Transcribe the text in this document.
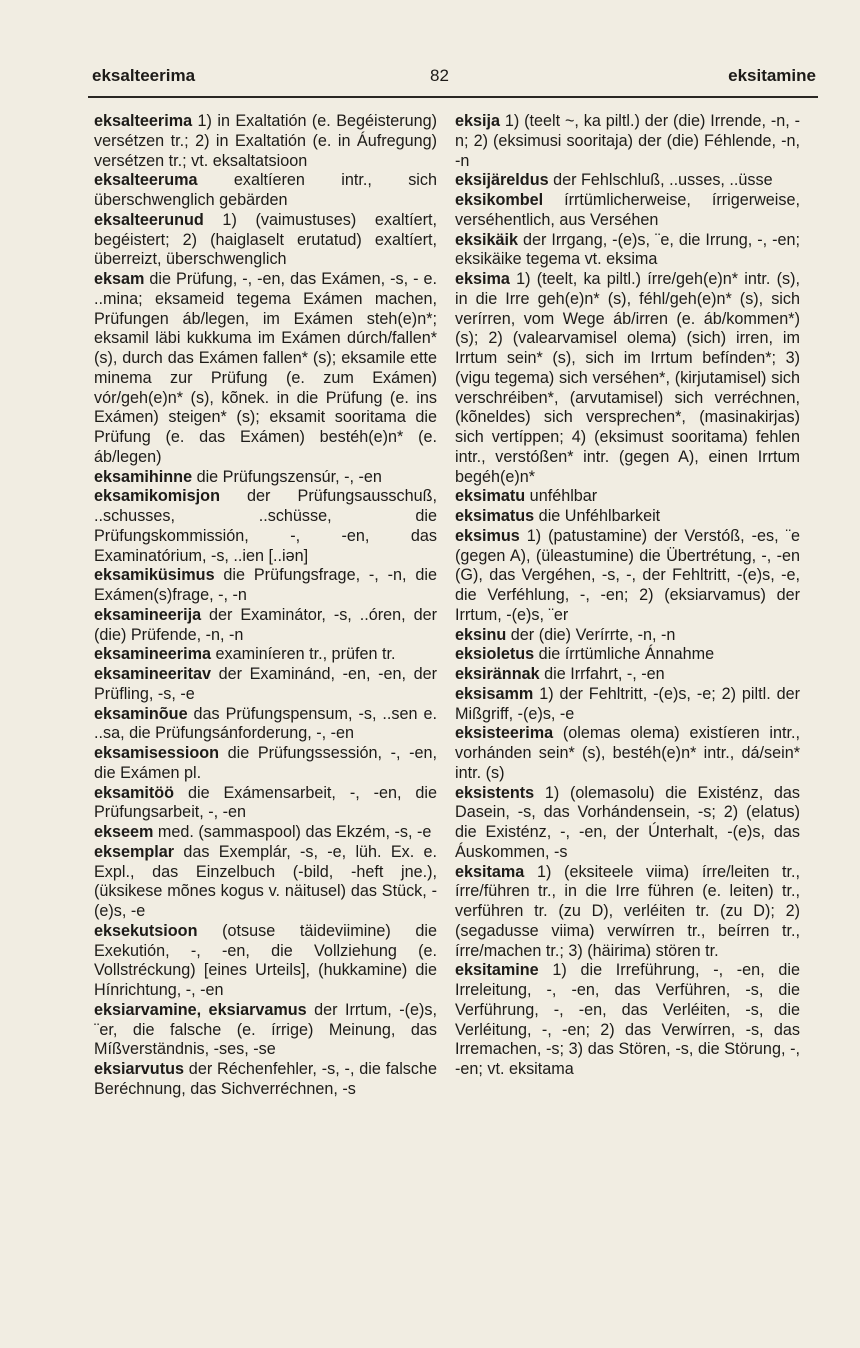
eksalteerima	82	eksitamine

eksalteerima 1) in Exaltatión (e. Begéisterung) versétzen tr.; 2) in Exaltatión (e. in Áufregung) versétzen tr.; vt. eksaltatsioon

eksalteeruma exaltíeren intr., sich überschwenglich gebärden

eksalteerunud 1) (vaimustuses) exaltíert, begéistert; 2) (haiglaselt erutatud) exaltíert, überreizt, überschwenglich

eksam die Prüfung, -, -en, das Exámen, -s, - e. ..mina; eksameid tegema Exámen machen, Prüfungen áb/legen, im Exámen steh(e)n*; eksamil läbi kukkuma im Exámen dúrch/fallen* (s), durch das Exámen fallen* (s); eksamile ette minema zur Prüfung (e. zum Exámen) vór/geh(e)n* (s), kõnek. in die Prüfung (e. ins Exámen) steigen* (s); eksamit sooritama die Prüfung (e. das Exámen) bestéh(e)n* (e. áb/legen)

eksamihinne die Prüfungszensúr, -, -en

eksamikomisjon der Prüfungsausschuß, ..schusses, ..schüsse, die Prüfungskommissión, -, -en, das Examinatórium, -s, ..ien [..iən]

eksamiküsimus die Prüfungsfrage, -, -n, die Exámen(s)frage, -, -n

eksamineerija der Examinátor, -s, ..óren, der (die) Prüfende, -n, -n

eksamineerima examiníeren tr., prüfen tr.

eksamineeritav der Examinánd, -en, -en, der Prüfling, -s, -e

eksaminõue das Prüfungspensum, -s, ..sen e. ..sa, die Prüfungsánforderung, -, -en

eksamisessioon die Prüfungssessión, -, -en, die Exámen pl.

eksamitöö die Exámensarbeit, -, -en, die Prüfungsarbeit, -, -en

ekseem med. (sammaspool) das Ekzém, -s, -e

eksemplar das Exemplár, -s, -e, lüh. Ex. e. Expl., das Einzelbuch (-bild, -heft jne.), (üksikese mõnes kogus v. näitusel) das Stück, -(e)s, -e

eksekutsioon (otsuse täideviimine) die Exekutión, -, -en, die Vollziehung (e. Vollstréckung) [eines Urteils], (hukkamine) die Hínrichtung, -, -en

eksiarvamine, eksiarvamus der Irrtum, -(e)s, ¨er, die falsche (e. írrige) Meinung, das Míßverständnis, -ses, -se

eksiarvutus der Réchenfehler, -s, -, die falsche Beréchnung, das Sichverréchnen, -s

eksija 1) (teelt ~, ka piltl.) der (die) Irrende, -n, -n; 2) (eksimusi sooritaja) der (die) Féhlende, -n, -n

eksijäreldus der Fehlschluß, ..usses, ..üsse

eksikombel írrtümlicherweise, írrigerweise, verséhentlich, aus Verséhen

eksikäik der Irrgang, -(e)s, ¨e, die Irrung, -, -en; eksikäike tegema vt. eksima

eksima 1) (teelt, ka piltl.) írre/geh(e)n* intr. (s), in die Irre geh(e)n* (s), féhl/geh(e)n* (s), sich verírren, vom Wege áb/irren (e. áb/kommen*) (s); 2) (valearvamisel olema) (sich) irren, im Irrtum sein* (s), sich im Irrtum befínden*; 3) (vigu tegema) sich verséhen*, (kirjutamisel) sich verschréiben*, (arvutamisel) sich verréchnen, (kõneldes) sich versprechen*, (masinakirjas) sich vertíppen; 4) (eksimust sooritama) fehlen intr., verstóßen* intr. (gegen A), einen Irrtum begéh(e)n*

eksimatu unféhlbar

eksimatus die Unféhlbarkeit

eksimus 1) (patustamine) der Verstóß, -es, ¨e (gegen A), (üleastumine) die Übertrétung, -, -en (G), das Vergéhen, -s, -, der Fehltritt, -(e)s, -e, die Verféhlung, -, -en; 2) (eksiarvamus) der Irrtum, -(e)s, ¨er

eksinu der (die) Verírrte, -n, -n

eksioletus die írrtümliche Ánnahme

eksirännak die Irrfahrt, -, -en

eksisamm 1) der Fehltritt, -(e)s, -e; 2) piltl. der Mißgriff, -(e)s, -e

eksisteerima (olemas olema) existíeren intr., vorhánden sein* (s), bestéh(e)n* intr., dá/sein* intr. (s)

eksistents 1) (olemasolu) die Existénz, das Dasein, -s, das Vorhándensein, -s; 2) (elatus) die Existénz, -, -en, der Únterhalt, -(e)s, das Áuskommen, -s

eksitama 1) (eksiteele viima) írre/leiten tr., írre/führen tr., in die Irre führen (e. leiten) tr., verführen tr. (zu D), verléiten tr. (zu D); 2) (segadusse viima) verwírren tr., beírren tr., írre/machen tr.; 3) (häirima) stören tr.

eksitamine 1) die Irreführung, -, -en, die Irreleitung, -, -en, das Verführen, -s, die Verführung, -, -en, das Verléiten, -s, die Verléitung, -, -en; 2) das Verwírren, -s, das Irremachen, -s; 3) das Stören, -s, die Störung, -, -en; vt. eksitama
